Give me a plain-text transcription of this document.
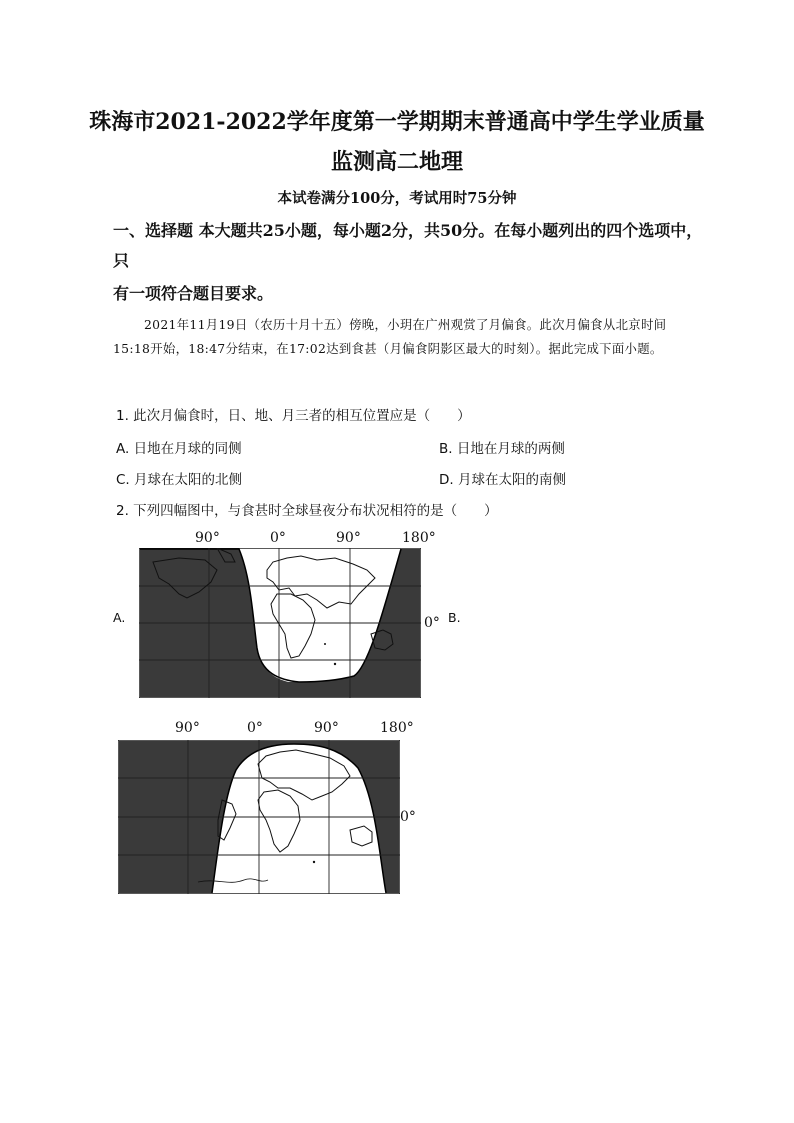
珠海市2021-2022学年度第一学期期末普通高中学生学业质量
监测高二地理
本试卷满分100分，考试用时75分钟
一、选择题 本大题共25小题，每小题2分，共50分。在每小题列出的四个选项中，
只
有一项符合题目要求。
2021年11月19日（农历十月十五）傍晚，小玥在广州观赏了月偏食。此次月偏食从北京时间15:18开始，18:47分结束，在17:02达到食甚（月偏食阴影区最大的时刻）。据此完成下面小题。
1. 此次月偏食时，日、地、月三者的相互位置应是（　　）
A. 日地在月球的同侧	B. 日地在月球的两侧
C. 月球在太阳的北侧	D. 月球在太阳的南侧
2. 下列四幅图中，与食甚时全球昼夜分布状况相符的是（　　）
90°	0°	90°	180°
0°
A.	B.
90°	0°	90°	180°
0°
